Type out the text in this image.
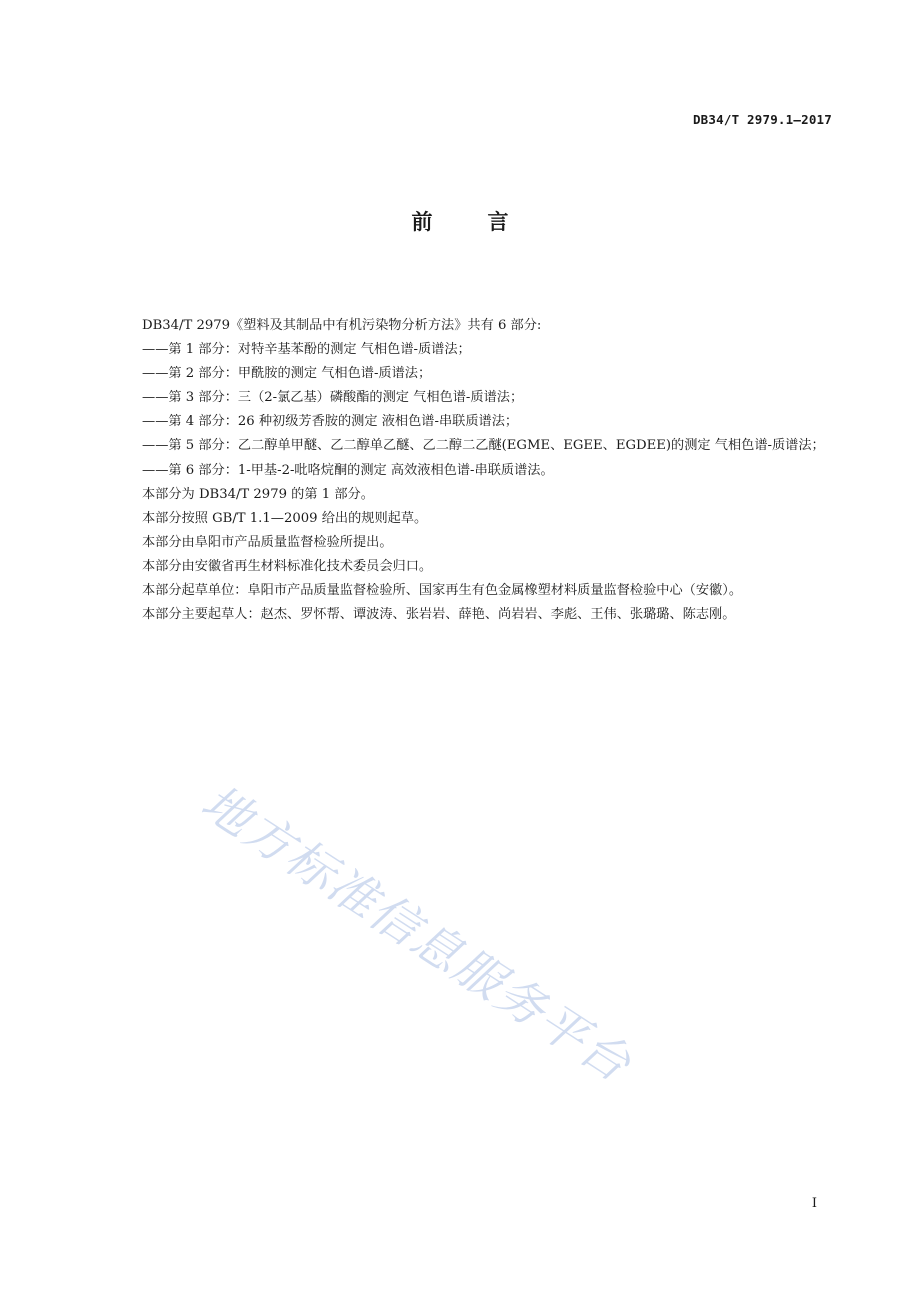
DB34/T 2979.1—2017
前言

DB34/T 2979《塑料及其制品中有机污染物分析方法》共有 6 部分:

——第 1 部分：对特辛基苯酚的测定 气相色谱-质谱法；

——第 2 部分：甲酰胺的测定 气相色谱-质谱法；

——第 3 部分：三（2-氯乙基）磷酸酯的测定 气相色谱-质谱法；

——第 4 部分：26 种初级芳香胺的测定 液相色谱-串联质谱法；

——第 5 部分：乙二醇单甲醚、乙二醇单乙醚、乙二醇二乙醚(EGME、EGEE、EGDEE)的测定 气相色谱-质谱法；

——第 6 部分：1-甲基-2-吡咯烷酮的测定 高效液相色谱-串联质谱法。

本部分为 DB34/T 2979 的第 1 部分。

本部分按照 GB/T 1.1—2009 给出的规则起草。

本部分由阜阳市产品质量监督检验所提出。

本部分由安徽省再生材料标准化技术委员会归口。

本部分起草单位：阜阳市产品质量监督检验所、国家再生有色金属橡塑材料质量监督检验中心（安徽）。

本部分主要起草人：赵杰、罗怀帮、谭波涛、张岩岩、薛艳、尚岩岩、李彪、王伟、张璐璐、陈志刚。

地方标准信息服务平台
I
